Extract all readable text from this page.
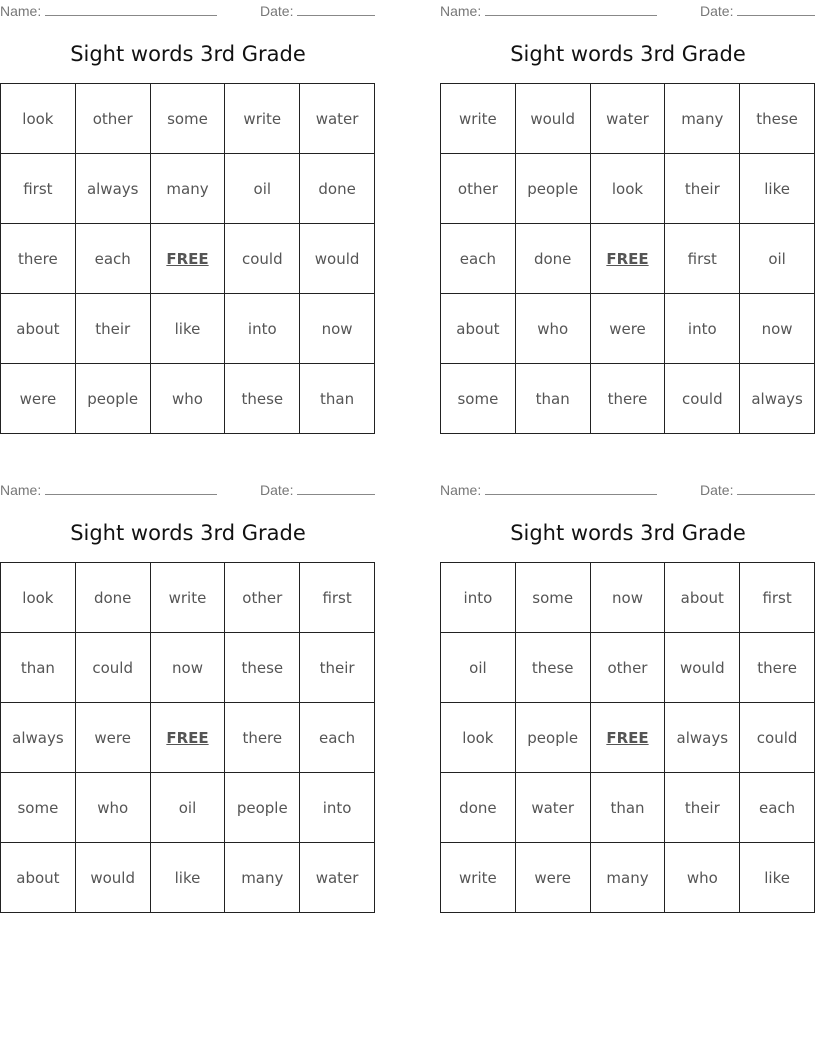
Name:	Date:
Sight words 3rd Grade
look	other	some	write	water
first	always	many	oil	done
there	each	FREE	could	would
about	their	like	into	now
were	people	who	these	than
Name:	Date:
Sight words 3rd Grade
write	would	water	many	these
other	people	look	their	like
each	done	FREE	first	oil
about	who	were	into	now
some	than	there	could	always
Name:	Date:
Sight words 3rd Grade
look	done	write	other	first
than	could	now	these	their
always	were	FREE	there	each
some	who	oil	people	into
about	would	like	many	water
Name:	Date:
Sight words 3rd Grade
into	some	now	about	first
oil	these	other	would	there
look	people	FREE	always	could
done	water	than	their	each
write	were	many	who	like
